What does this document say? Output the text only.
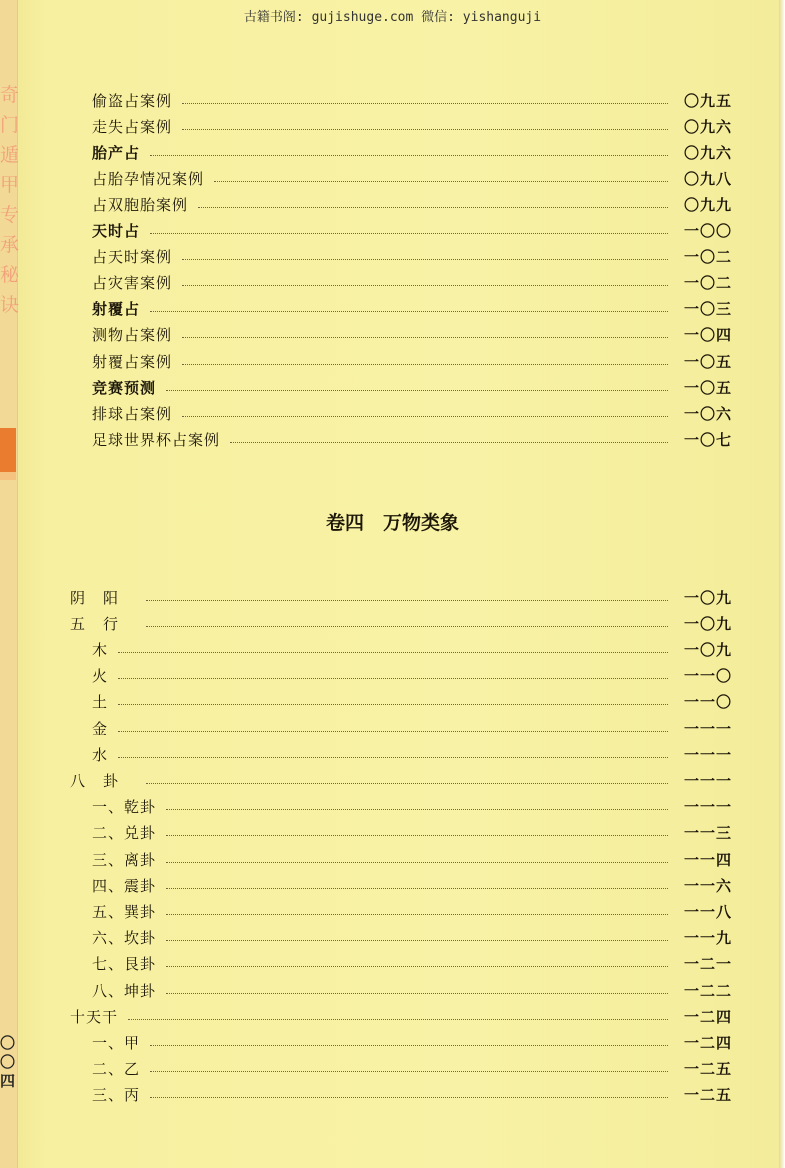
古籍书阁: gujishuge.com 微信: yishanguji
奇
门
遁
甲
专
承
秘
诀
〇
〇
四
偷盗占案例	〇九五
走失占案例	〇九六
胎产占	〇九六
占胎孕情况案例	〇九八
占双胞胎案例	〇九九
天时占	一〇〇
占天时案例	一〇二
占灾害案例	一〇二
射覆占	一〇三
测物占案例	一〇四
射覆占案例	一〇五
竞赛预测	一〇五
排球占案例	一〇六
足球世界杯占案例	一〇七
卷四　万物类象
阴阳	一〇九
五行	一〇九
木	一〇九
火	一一〇
土	一一〇
金	一一一
水	一一一
八卦	一一一
一、乾卦	一一一
二、兑卦	一一三
三、离卦	一一四
四、震卦	一一六
五、巽卦	一一八
六、坎卦	一一九
七、艮卦	一二一
八、坤卦	一二二
十天干	一二四
一、甲	一二四
二、乙	一二五
三、丙	一二五
